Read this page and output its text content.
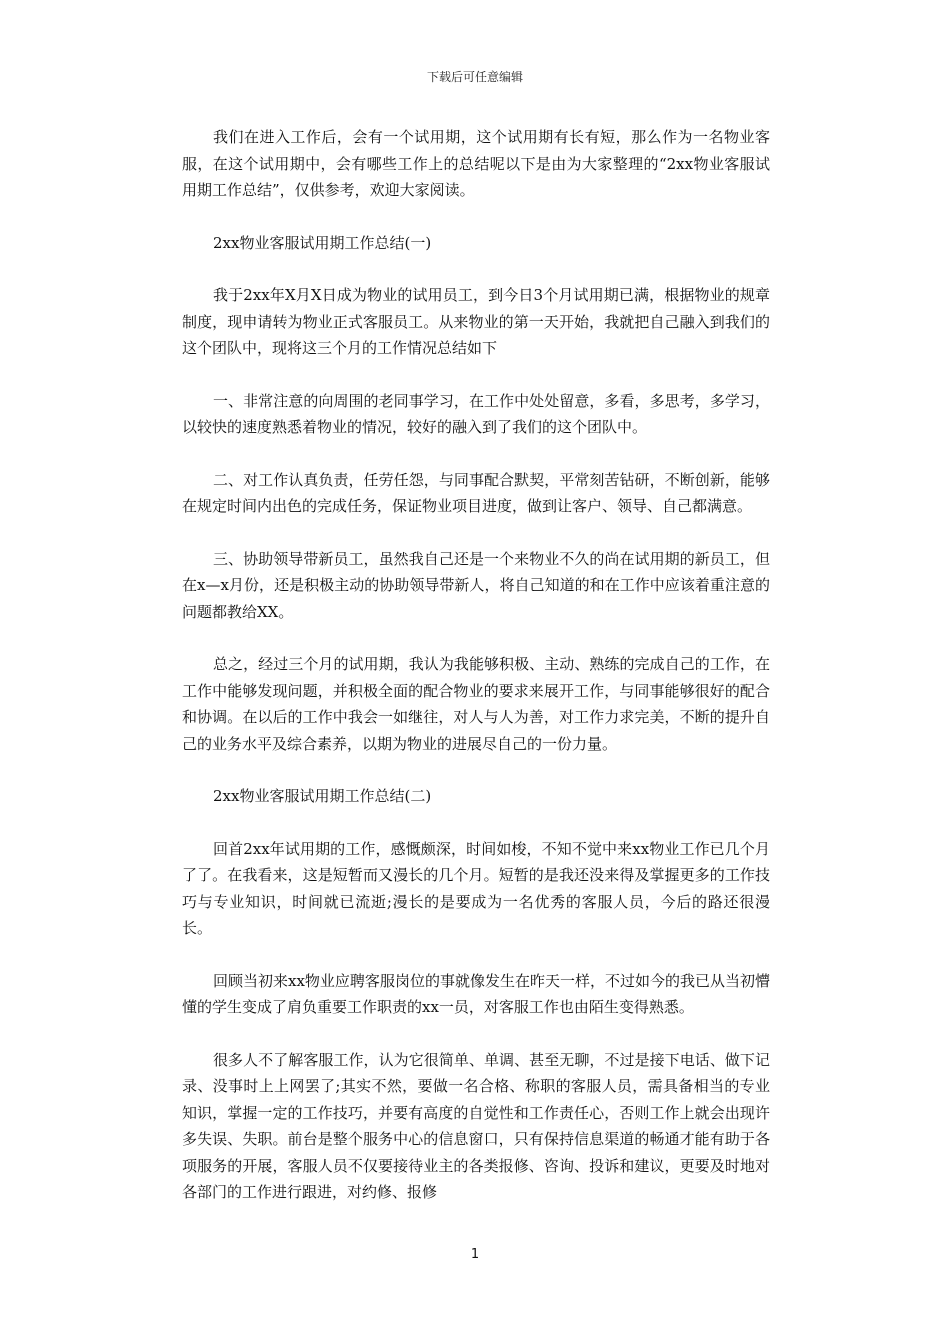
下载后可任意编辑

我们在进入工作后，会有一个试用期，这个试用期有长有短，那么作为一名物业客服，在这个试用期中，会有哪些工作上的总结呢以下是由为大家整理的“2xx物业客服试用期工作总结”，仅供参考，欢迎大家阅读。

2xx物业客服试用期工作总结(一)

我于2xx年X月X日成为物业的试用员工，到今日3个月试用期已满，根据物业的规章制度，现申请转为物业正式客服员工。从来物业的第一天开始，我就把自己融入到我们的这个团队中，现将这三个月的工作情况总结如下

一、非常注意的向周围的老同事学习，在工作中处处留意，多看，多思考，多学习，以较快的速度熟悉着物业的情况，较好的融入到了我们的这个团队中。

二、对工作认真负责，任劳任怨，与同事配合默契，平常刻苦钻研，不断创新，能够在规定时间内出色的完成任务，保证物业项目进度，做到让客户、领导、自己都满意。

三、协助领导带新员工，虽然我自己还是一个来物业不久的尚在试用期的新员工，但在x—x月份，还是积极主动的协助领导带新人，将自己知道的和在工作中应该着重注意的问题都教给XX。

总之，经过三个月的试用期，我认为我能够积极、主动、熟练的完成自己的工作，在工作中能够发现问题，并积极全面的配合物业的要求来展开工作，与同事能够很好的配合和协调。在以后的工作中我会一如继往，对人与人为善，对工作力求完美，不断的提升自己的业务水平及综合素养，以期为物业的进展尽自己的一份力量。

2xx物业客服试用期工作总结(二)

回首2xx年试用期的工作，感慨颇深，时间如梭，不知不觉中来xx物业工作已几个月了了。在我看来，这是短暂而又漫长的几个月。短暂的是我还没来得及掌握更多的工作技巧与专业知识，时间就已流逝;漫长的是要成为一名优秀的客服人员，今后的路还很漫长。

回顾当初来xx物业应聘客服岗位的事就像发生在昨天一样，不过如今的我已从当初懵懂的学生变成了肩负重要工作职责的xx一员，对客服工作也由陌生变得熟悉。

很多人不了解客服工作，认为它很简单、单调、甚至无聊，不过是接下电话、做下记录、没事时上上网罢了;其实不然，要做一名合格、称职的客服人员，需具备相当的专业知识，掌握一定的工作技巧，并要有高度的自觉性和工作责任心，否则工作上就会出现许多失误、失职。前台是整个服务中心的信息窗口，只有保持信息渠道的畅通才能有助于各项服务的开展，客服人员不仅要接待业主的各类报修、咨询、投诉和建议，更要及时地对各部门的工作进行跟进，对约修、报修

1
